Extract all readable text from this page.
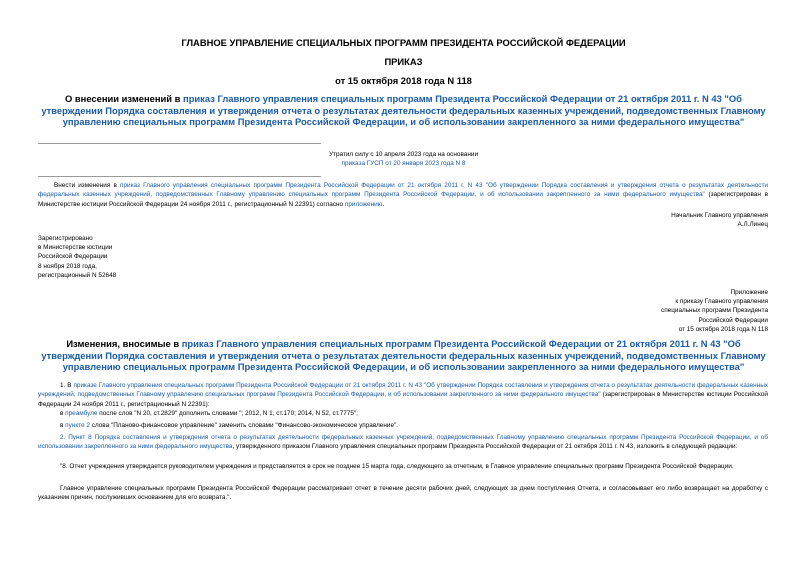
ГЛАВНОЕ УПРАВЛЕНИЕ СПЕЦИАЛЬНЫХ ПРОГРАММ ПРЕЗИДЕНТА РОССИЙСКОЙ ФЕДЕРАЦИИ
ПРИКАЗ
от 15 октября 2018 года N 118
О внесении изменений в приказ Главного управления специальных программ Президента Российской Федерации от 21 октября 2011 г. N 43 "Об утверждении Порядка составления и утверждения отчета о результатах деятельности федеральных казенных учреждений, подведомственных Главному управлению специальных программ Президента Российской Федерации, и об использовании закрепленного за ними федерального имущества"
Утратил силу с 10 апреля 2023 года на основании
приказа ГУСП от 20 января 2023 года N 8
Внести изменения в приказ Главного управления специальных программ Президента Российской Федерации от 21 октября 2011 г. N 43 "Об утверждении Порядка составления и утверждения отчета о результатах деятельности федеральных казенных учреждений, подведомственных Главному управлению специальных программ Президента Российской Федерации, и об использовании закрепленного за ними федерального имущества" (зарегистрирован в Министерстве юстиции Российской Федерации 24 ноября 2011 г., регистрационный N 22391) согласно приложению.
Начальник Главного управления
А.Л.Линец
Зарегистрировано
в Министерстве юстиции
Российской Федерации
8 ноября 2018 года,
регистрационный N 52648
Приложение
к приказу Главного управления
специальных программ Президента
Российской Федерации
от 15 октября 2018 года N 118
Изменения, вносимые в приказ Главного управления специальных программ Президента Российской Федерации от 21 октября 2011 г. N 43 "Об утверждении Порядка составления и утверждения отчета о результатах деятельности федеральных казенных учреждений, подведомственных Главному управлению специальных программ Президента Российской Федерации, и об использовании закрепленного за ними федерального имущества"
1. В приказе Главного управления специальных программ Президента Российской Федерации от 21 октября 2011 г. N 43 "Об утверждении Порядка составления и утверждения отчета о результатах деятельности федеральных казенных учреждений, подведомственных Главному управлению специальных программ Президента Российской Федерации, и об использовании закрепленного за ними федерального имущества" (зарегистрирован в Министерстве юстиции Российской Федерации 24 ноября 2011 г., регистрационный N 22391):
в преамбуле после слов "N 20, ст.2829" дополнить словами "; 2012, N 1, ст.170; 2014, N 52, ст.7775";
в пункте 2 слова "Планово-финансовое управление" заменить словами "Финансово-экономическое управление".
2. Пункт 8 Порядка составления и утверждения отчета о результатах деятельности федеральных казенных учреждений, подведомственных Главному управлению специальных программ Президента Российской Федерации, и об использовании закрепленного за ними федерального имущества, утвержденного приказом Главного управления специальных программ Президента Российской Федерации от 21 октября 2011 г. N 43, изложить в следующей редакции:
"8. Отчет учреждения утверждается руководителем учреждения и представляется в срок не позднее 15 марта года, следующего за отчетным, в Главное управление специальных программ Президента Российской Федерации.
Главное управление специальных программ Президента Российской Федерации рассматривает отчет в течение десяти рабочих дней, следующих за днем поступления Отчета, и согласовывает его либо возвращает на доработку с указанием причин, послуживших основанием для его возврата.".
